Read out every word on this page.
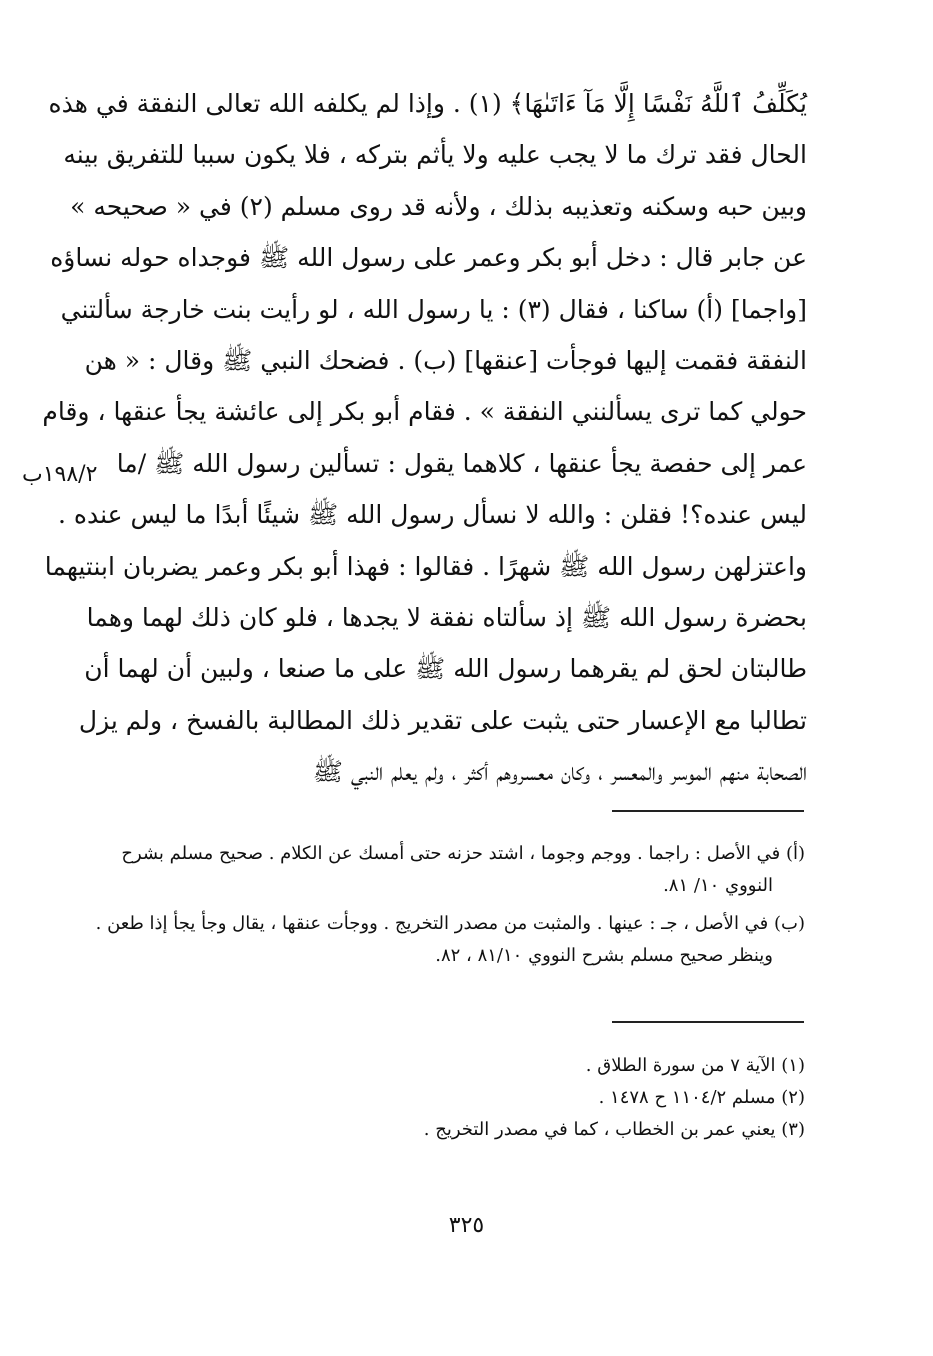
يُكَلِّفُ ٱللَّهُ نَفْسًا إِلَّا مَآ ءَاتَىٰهَا﴾ (١) . وإذا لم يكلفه الله تعالى النفقة في هذه
الحال فقد ترك ما لا يجب عليه ولا يأثم بتركه ، فلا يكون سببا للتفريق بينه
وبين حبه وسكنه وتعذيبه بذلك ، ولأنه قد روى مسلم (٢) في « صحيحه »
عن جابر قال : دخل أبو بكر وعمر على رسول الله ﷺ فوجداه حوله نساؤه
[واجما] (أ) ساكنا ، فقال (٣) : يا رسول الله ، لو رأيت بنت خارجة سألتني
النفقة فقمت إليها فوجأت [عنقها] (ب) . فضحك النبي ﷺ وقال : « هن
حولي كما ترى يسألنني النفقة » . فقام أبو بكر إلى عائشة يجأ عنقها ، وقام
عمر إلى حفصة يجأ عنقها ، كلاهما يقول : تسألين رسول الله ﷺ /ما
ليس عنده؟! فقلن : والله لا نسأل رسول الله ﷺ شيئًا أبدًا ما ليس عنده .
واعتزلهن رسول الله ﷺ شهرًا . فقالوا : فهذا أبو بكر وعمر يضربان ابنتيهما
بحضرة رسول الله ﷺ إذ سألتاه نفقة لا يجدها ، فلو كان ذلك لهما وهما
طالبتان لحق لم يقرهما رسول الله ﷺ على ما صنعا ، ولبين أن لهما أن
تطالبا مع الإعسار حتى يثبت على تقدير ذلك المطالبة بالفسخ ، ولم يزل
الصحابة منهم الموسر والمعسر ، وكان معسروهم أكثر ، ولم يعلم النبي ﷺ
١٩٨/٢ب
(أ) في الأصل : راجما . ووجم وجوما ، اشتد حزنه حتى أمسك عن الكلام . صحيح مسلم بشرح
النووي ١٠/ ٨١.
(ب) في الأصل ، جـ : عينها . والمثبت من مصدر التخريج . ووجأت عنقها ، يقال وجأ يجأ إذا طعن .
وينظر صحيح مسلم بشرح النووي ٨١/١٠ ، ٨٢.
(١) الآية ٧ من سورة الطلاق .
(٢) مسلم ١١٠٤/٢ ح ١٤٧٨ .
(٣) يعني عمر بن الخطاب ، كما في مصدر التخريج .
٣٢٥
